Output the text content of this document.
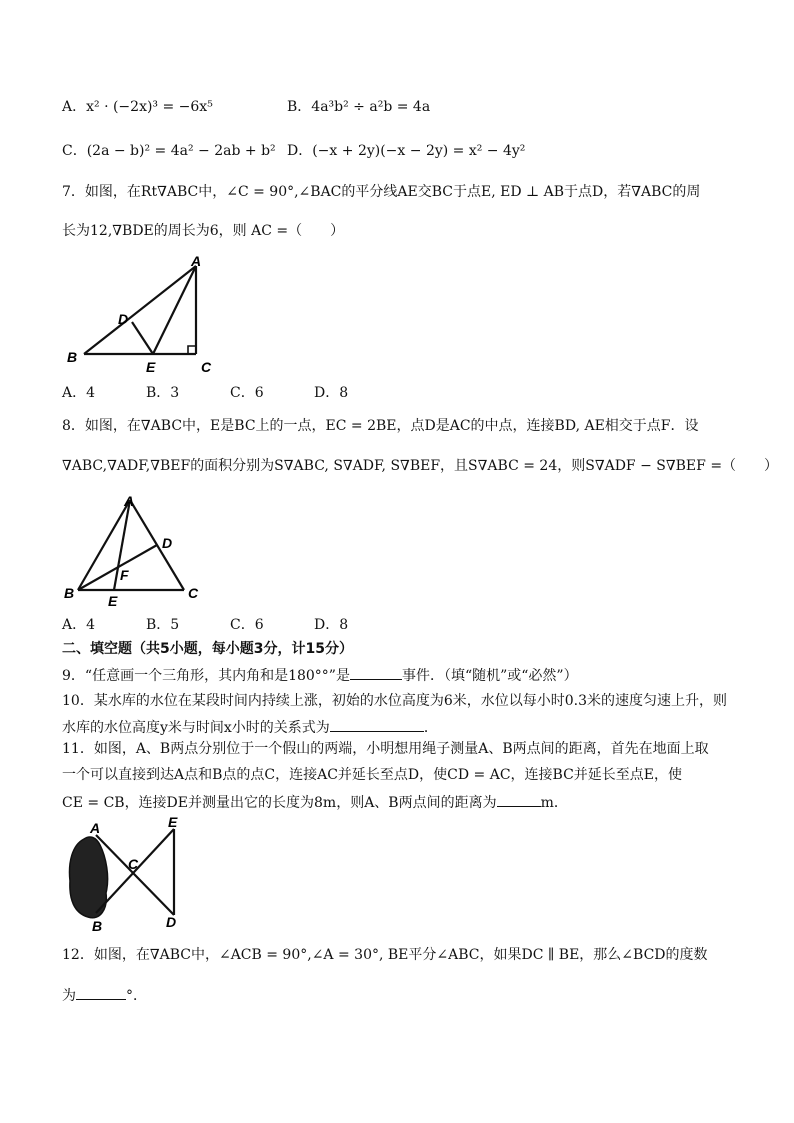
A．x² · (−2x)³ = −6x⁵	B．4a³b² ÷ a²b = 4a
C．(2a − b)² = 4a² − 2ab + b² D．(−x + 2y)(−x − 2y) = x² − 4y²
7．如图，在Rt∇ABC中，∠C = 90°,∠BAC的平分线AE交BC于点E, ED ⊥ AB于点D，若∇ABC的周
长为12,∇BDE的周长为6，则 AC =（　　）
A
B
C
D
E
A．4	B．3	C．6	D．8
8．如图，在∇ABC中，E是BC上的一点，EC = 2BE，点D是AC的中点，连接BD, AE相交于点F．设
∇ABC,∇ADF,∇BEF的面积分别为S∇ABC, S∇ADF, S∇BEF，且S∇ABC = 24，则S∇ADF − S∇BEF =（　　）
A
B	C
D
E
F
A．4	B．5	C．6	D．8
二、填空题（共5小题，每小题3分，计15分）
9．“任意画一个三角形，其内角和是180°°”是	事件．（填“随机”或“必然”）
10．某水库的水位在某段时间内持续上涨，初始的水位高度为6米，水位以每小时0.3米的速度匀速上升，则
水库的水位高度y米与时间x小时的关系式为	．
11．如图，A、B两点分别位于一个假山的两端，小明想用绳子测量A、B两点间的距离，首先在地面上取
一个可以直接到达A点和B点的点C，连接AC并延长至点D，使CD = AC，连接BC并延长至点E，使
CE = CB，连接DE并测量出它的长度为8m，则A、B两点间的距离为	m．
A
B
C
D
E
12．如图，在∇ABC中，∠ACB = 90°,∠A = 30°, BE平分∠ABC，如果DC ∥ BE，那么∠BCD的度数
为	°．
